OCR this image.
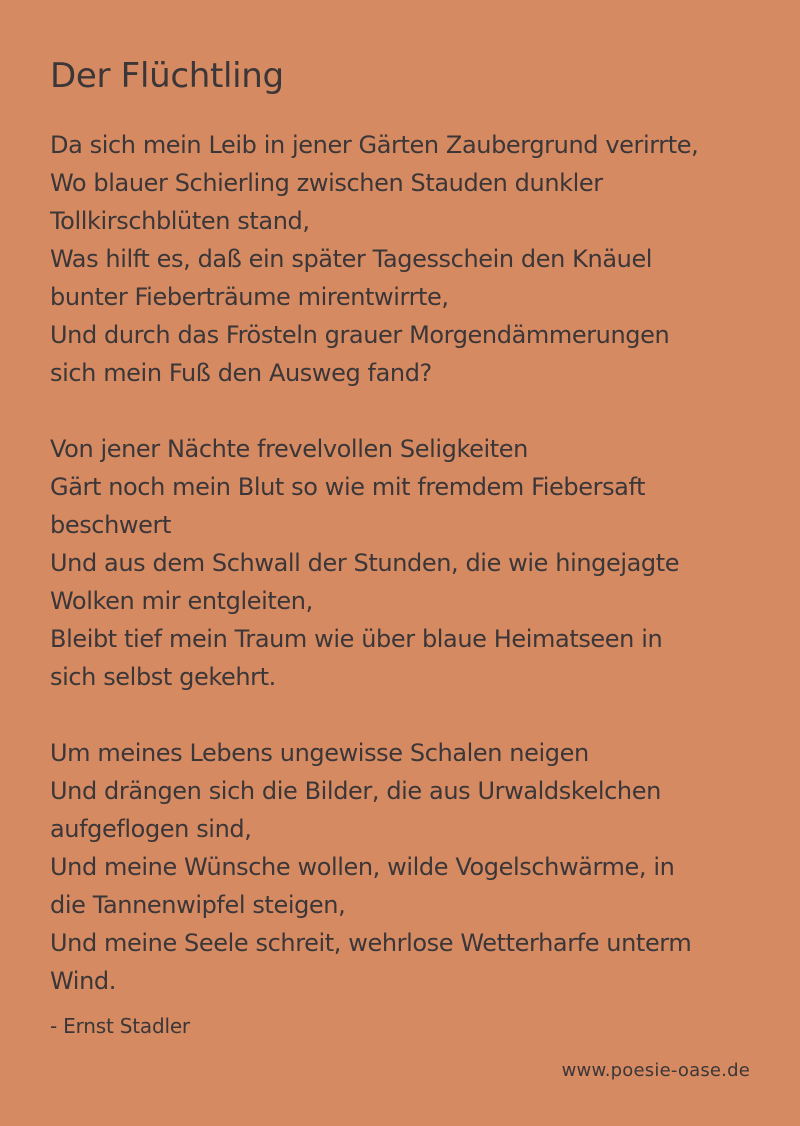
Der Flüchtling

Da sich mein Leib in jener Gärten Zaubergrund verirrte,
Wo blauer Schierling zwischen Stauden dunkler
Tollkirschblüten stand,
Was hilft es, daß ein später Tagesschein den Knäuel
bunter Fieberträume mirentwirrte,
Und durch das Frösteln grauer Morgendämmerungen
sich mein Fuß den Ausweg fand?

Von jener Nächte frevelvollen Seligkeiten
Gärt noch mein Blut so wie mit fremdem Fiebersaft
beschwert
Und aus dem Schwall der Stunden, die wie hingejagte
Wolken mir entgleiten,
Bleibt tief mein Traum wie über blaue Heimatseen in
sich selbst gekehrt.

Um meines Lebens ungewisse Schalen neigen
Und drängen sich die Bilder, die aus Urwaldskelchen
aufgeflogen sind,
Und meine Wünsche wollen, wilde Vogelschwärme, in
die Tannenwipfel steigen,
Und meine Seele schreit, wehrlose Wetterharfe unterm
Wind.

- Ernst Stadler
www.poesie-oase.de
